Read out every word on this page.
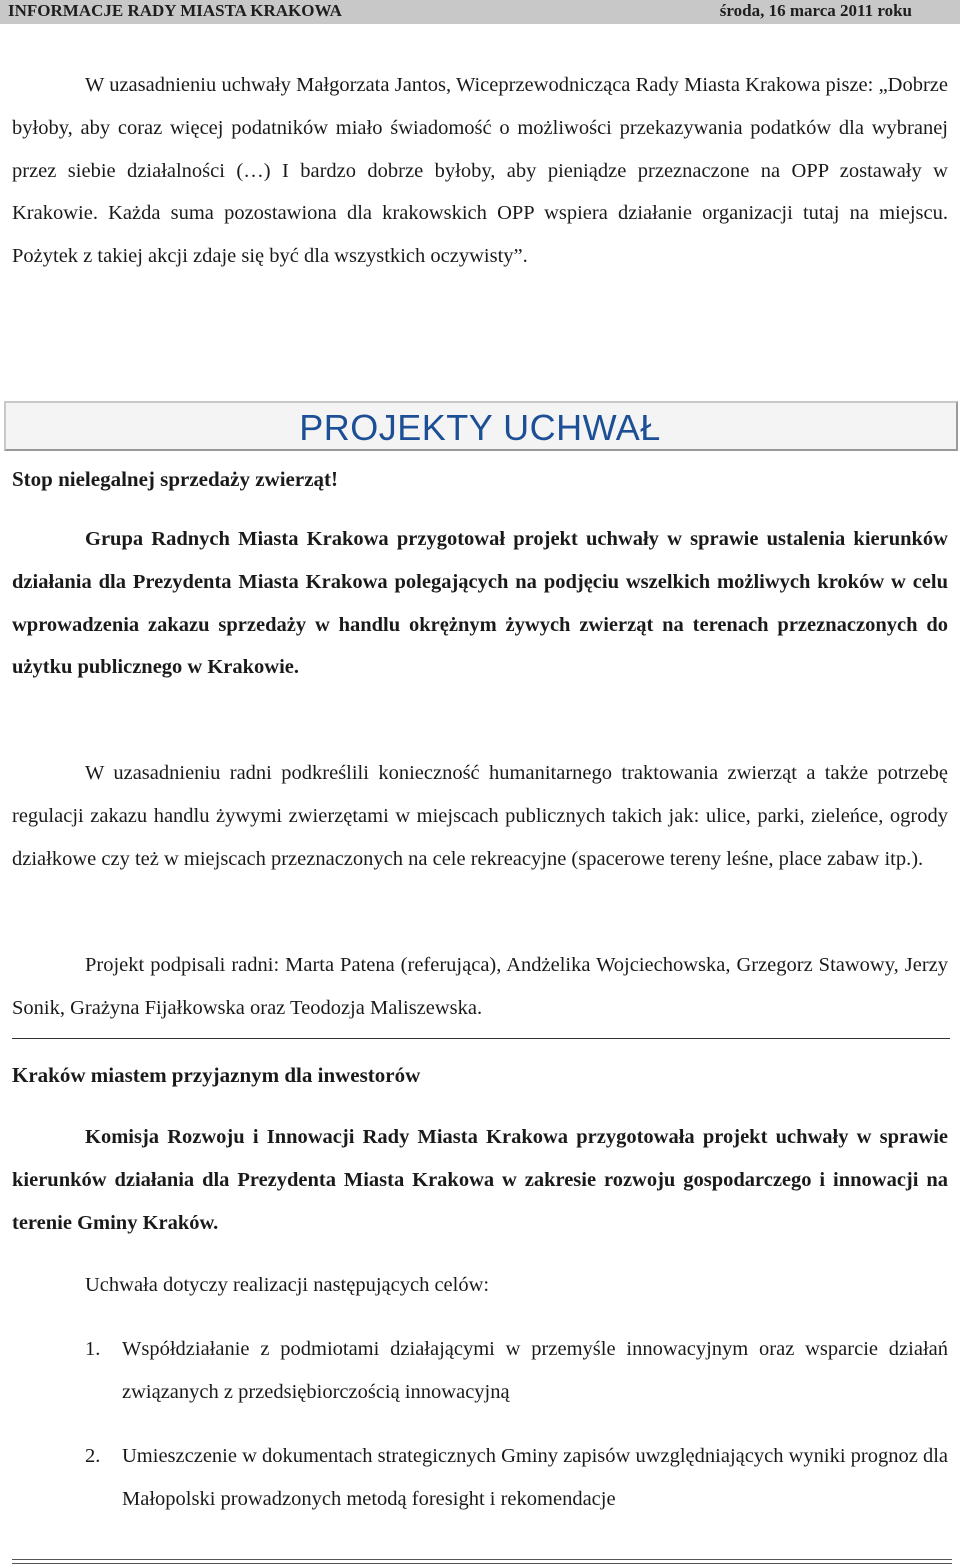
INFORMACJE RADY MIASTA KRAKOWA	środa, 16 marca 2011 roku

W uzasadnieniu uchwały Małgorzata Jantos, Wiceprzewodnicząca Rady Miasta Krakowa pisze: „Dobrze byłoby, aby coraz więcej podatników miało świadomość o możliwości przekazywania podatków dla wybranej przez siebie działalności (…) I bardzo dobrze byłoby, aby pieniądze przeznaczone na OPP zostawały w Krakowie. Każda suma pozostawiona dla krakowskich OPP wspiera działanie organizacji tutaj na miejscu. Pożytek z takiej akcji zdaje się być dla wszystkich oczywisty”.

PROJEKTY UCHWAŁ
Stop nielegalnej sprzedaży zwierząt!

Grupa Radnych Miasta Krakowa przygotował projekt uchwały w sprawie ustalenia kierunków działania dla Prezydenta Miasta Krakowa polegających na podjęciu wszelkich możliwych kroków w celu wprowadzenia zakazu sprzedaży w handlu okrężnym żywych zwierząt na terenach przeznaczonych do użytku publicznego w Krakowie.

W uzasadnieniu radni podkreślili konieczność humanitarnego traktowania zwierząt a także potrzebę regulacji zakazu handlu żywymi zwierzętami w miejscach publicznych takich jak: ulice, parki, zieleńce, ogrody działkowe czy też w miejscach przeznaczonych na cele rekreacyjne (spacerowe tereny leśne, place zabaw itp.).

Projekt podpisali radni: Marta Patena (referująca), Andżelika Wojciechowska, Grzegorz Stawowy, Jerzy Sonik, Grażyna Fijałkowska oraz Teodozja Maliszewska.

Kraków miastem przyjaznym dla inwestorów

Komisja Rozwoju i Innowacji Rady Miasta Krakowa przygotowała projekt uchwały w sprawie kierunków działania dla Prezydenta Miasta Krakowa w zakresie rozwoju gospodarczego i innowacji na terenie Gminy Kraków.

Uchwała dotyczy realizacji następujących celów:

1. Współdziałanie z podmiotami działającymi w przemyśle innowacyjnym oraz wsparcie działań związanych z przedsiębiorczością innowacyjną
2. Umieszczenie w dokumentach strategicznych Gminy zapisów uwzględniających wyniki prognoz dla Małopolski prowadzonych metodą foresight i rekomendacje
